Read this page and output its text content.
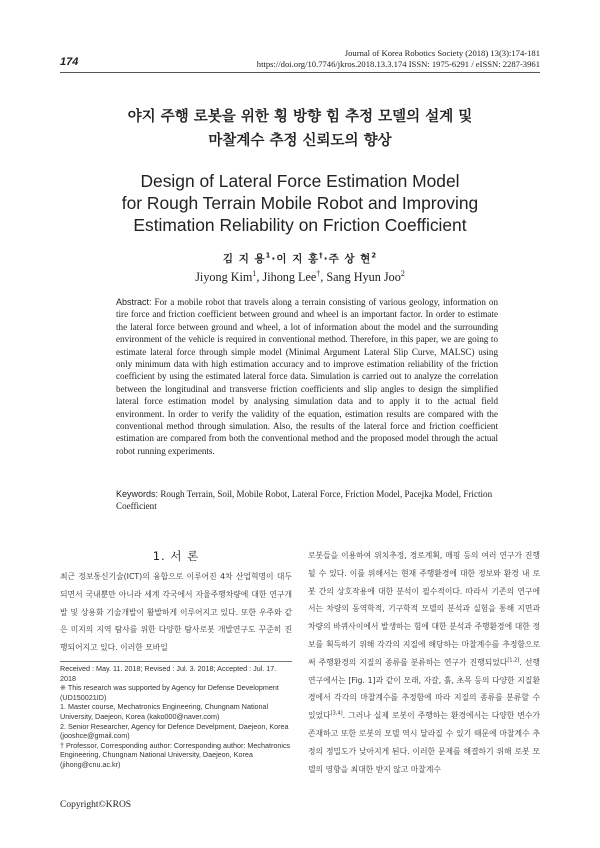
174
Journal of Korea Robotics Society (2018) 13(3):174-181
https://doi.org/10.7746/jkros.2018.13.3.174 ISSN: 1975-6291 / eISSN: 2287-3961
야지 주행 로봇을 위한 횡 방향 힘 추정 모델의 설계 및
마찰계수 추정 신뢰도의 향상
Design of Lateral Force Estimation Model
for Rough Terrain Mobile Robot and Improving
Estimation Reliability on Friction Coefficient
김 지 용$^1$·이 지 홍†·주 상 현$^2$
Jiyong Kim$^1$, Jihong Lee†, Sang Hyun Joo$^2$
Abstract: For a mobile robot that travels along a terrain consisting of various geology, information on tire force and friction coefficient between ground and wheel is an important factor. In order to estimate the lateral force between ground and wheel, a lot of information about the model and the surrounding environment of the vehicle is required in conventional method. Therefore, in this paper, we are going to estimate lateral force through simple model (Minimal Argument Lateral Slip Curve, MALSC) using only minimum data with high estimation accuracy and to improve estimation reliability of the friction coefficient by using the estimated lateral force data. Simulation is carried out to analyze the correlation between the longitudinal and transverse friction coefficients and slip angles to design the simplified lateral force estimation model by analysing simulation data and to apply it to the actual field environment. In order to verify the validity of the equation, estimation results are compared with the conventional method through simulation. Also, the results of the lateral force and friction coefficient estimation are compared from both the conventional method and the proposed model through the actual robot running experiments.
Keywords: Rough Terrain, Soil, Mobile Robot, Lateral Force, Friction Model, Pacejka Model, Friction Coefficient
1. 서 론
최근 정보통신기술(ICT)의 융합으로 이루어진 4차 산업혁명이 대두되면서 국내뿐만 아니라 세계 각국에서 자율주행차량에 대한 연구개발 및 상용화 기술개발이 활발하게 이루어지고 있다. 또한 우주와 같은 미지의 지역 탐사를 위한 다양한 탐사로봇 개발연구도 꾸준히 진행되어지고 있다. 이러한 모바일
로봇들을 이용하여 위치추정, 경로계획, 매핑 등의 여러 연구가 진행될 수 있다. 이를 위해서는 현재 주행환경에 대한 정보와 환경 내 로봇 간의 상호작용에 대한 분석이 필수적이다. 따라서 기존의 연구에서는 차량의 동역학적, 기구학적 모델의 분석과 실험을 통해 지면과 차량의 바퀴사이에서 발생하는 힘에 대한 분석과 주행환경에 대한 정보를 획득하기 위해 각각의 지질에 해당하는 마찰계수를 추정함으로써 주행환경의 지질의 종류를 분류하는 연구가 진행되었다[1,2]. 선행연구에서는 [Fig. 1]과 같이 모래, 자갈, 흙, 초목 등의 다양한 지질환경에서 각각의 마찰계수를 추정함에 따라 지질의 종류를 분류할 수 있었다[3,4]. 그러나 실제 로봇이 주행하는 환경에서는 다양한 변수가 존재하고 또한 로봇의 모델 역시 달라질 수 있기 때문에 마찰계수 추정의 정밀도가 낮아지게 된다. 이러한 문제를 해결하기 위해 로봇 모델의 영향을 최대한 받지 않고 마찰계수
Received : May. 11. 2018; Revised : Jul. 3. 2018; Accepted : Jul. 17. 2018
※ This research was supported by Agency for Defense Development (UD150021ID)
1. Master course, Mechatronics Engineering, Chungnam National University, Daejeon, Korea (kako000@naver.com)
2. Senior Researcher, Agency for Defence Develpment, Daejeon, Korea (jooshce@gmail.com)
† Professor, Corresponding author: Corresponding author: Mechatronics Engineering, Chungnam National University, Daejeon, Korea (jihong@cnu.ac.kr)
Copyright©KROS
